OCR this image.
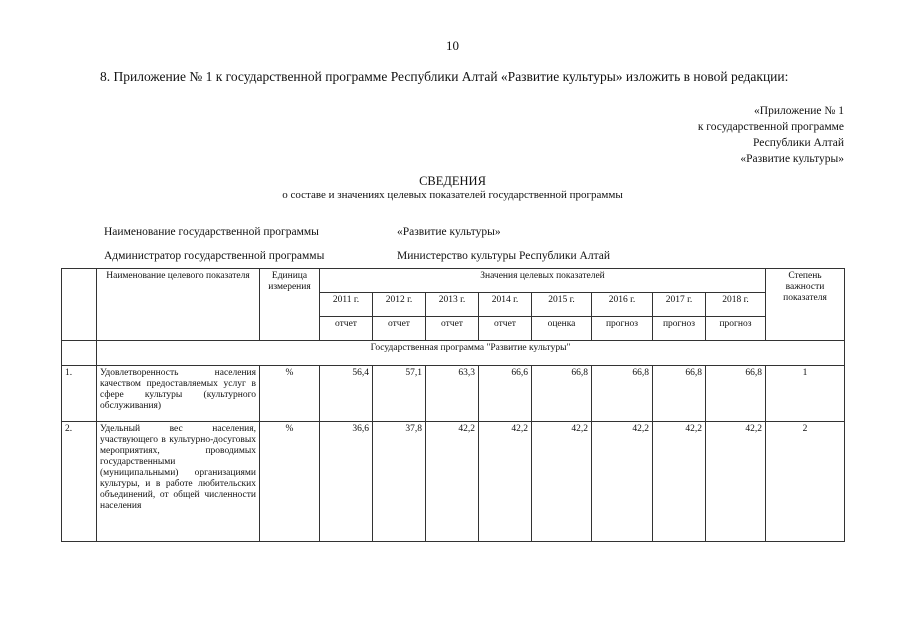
10
8. Приложение № 1 к государственной программе Республики Алтай «Развитие культуры» изложить в новой редакции:
«Приложение № 1
к государственной программе
Республики Алтай
«Развитие культуры»
СВЕДЕНИЯ
о составе и значениях целевых показателей государственной программы
Наименование государственной программы	«Развитие культуры»
Администратор государственной программы	Министерство культуры Республики Алтай
	Наименование целевого показателя	Единица измерения	Значения целевых показателей								Степень важности показателя
			2011 г.	2012 г.	2013 г.	2014 г.	2015 г.	2016 г.	2017 г.	2018 г.	
			отчет	отчет	отчет	отчет	оценка	прогноз	прогноз	прогноз	
	Государственная программа "Развитие культуры"										
1.	Удовлетворенность населения качеством предоставляемых услуг в сфере культуры (культурного обслуживания)	%	56,4	57,1	63,3	66,6	66,8	66,8	66,8	66,8	1
2.	Удельный вес населения, участвующего в культурно-досуговых мероприятиях, проводимых государственными (муниципальными) организациями культуры, и в работе любительских объединений, от общей численности населения	%	36,6	37,8	42,2	42,2	42,2	42,2	42,2	42,2	2
